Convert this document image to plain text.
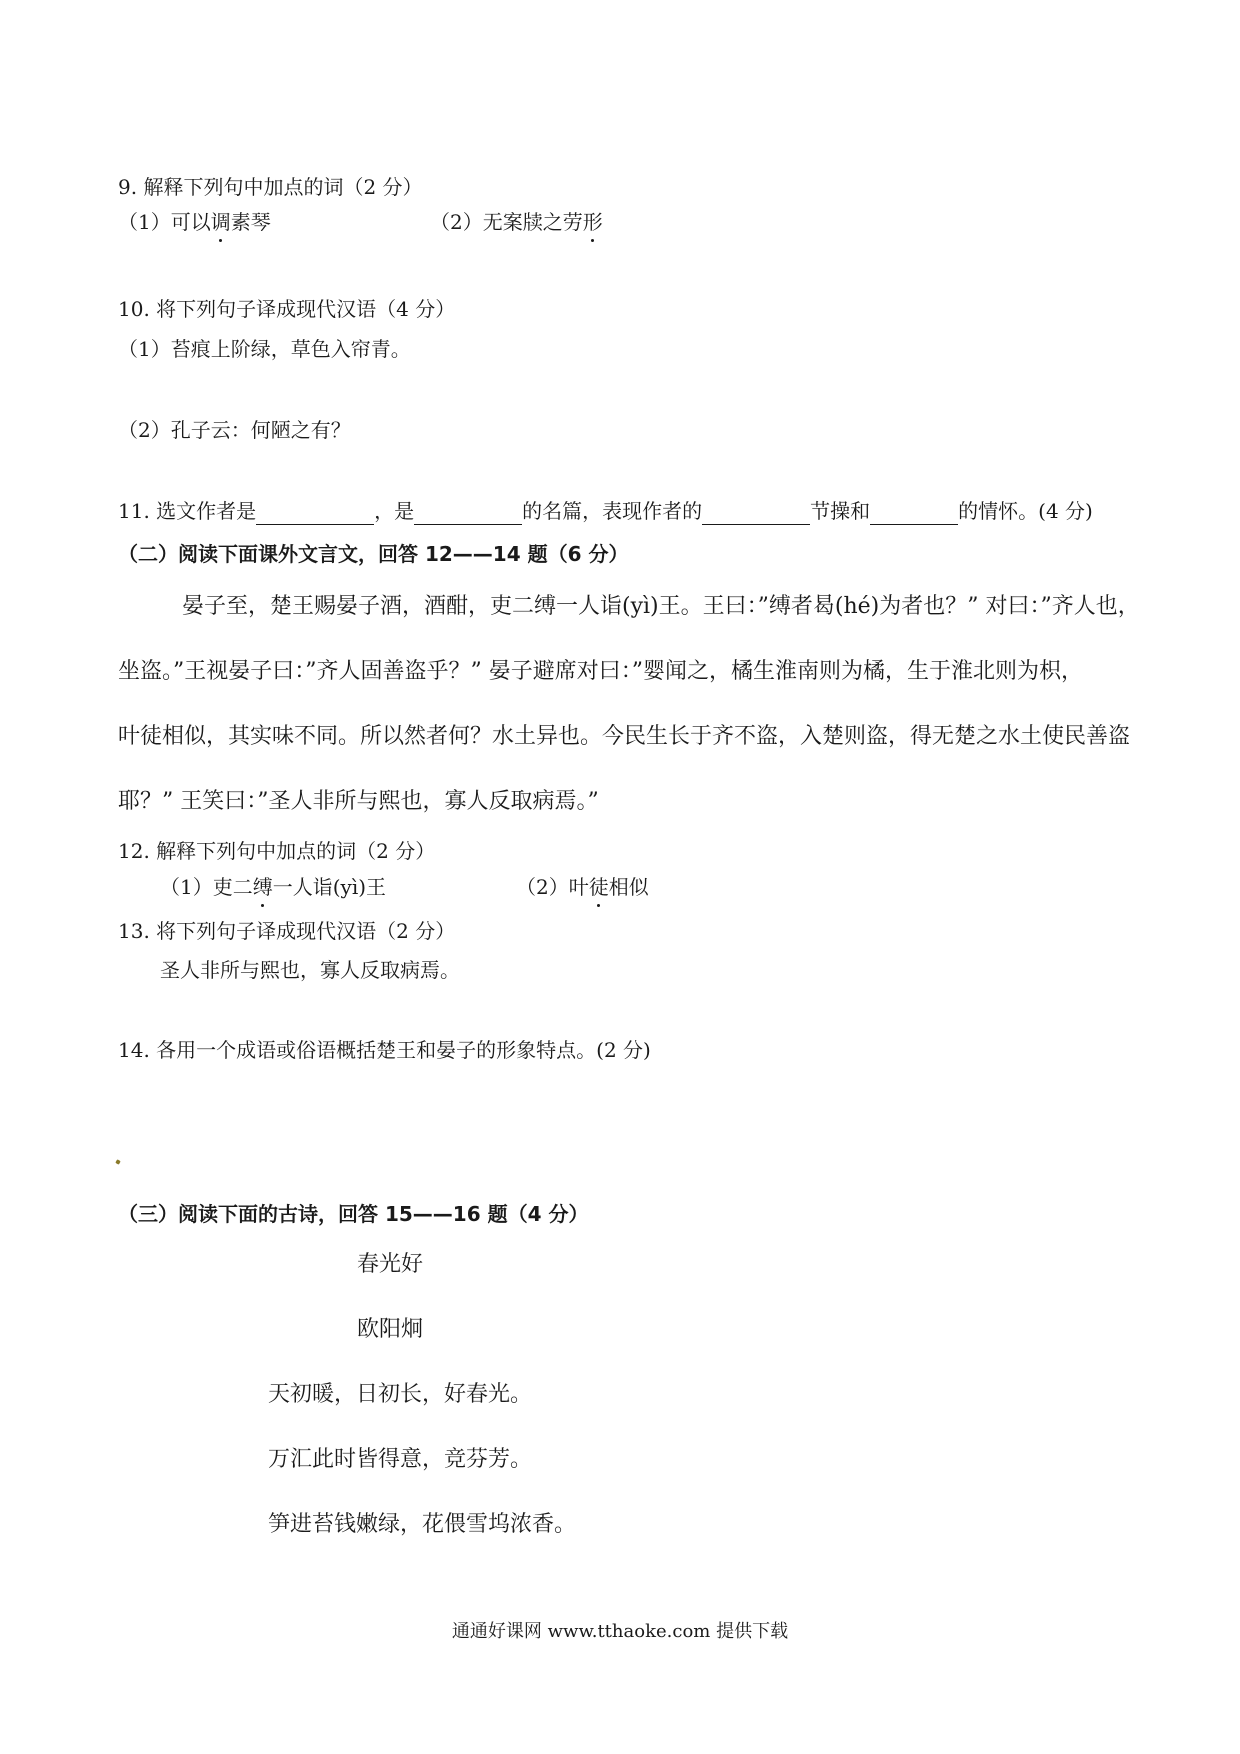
9. 解释下列句中加点的词（2 分）
（1）可以调素琴	（2）无案牍之劳形
10. 将下列句子译成现代汉语（4 分）
（1）苔痕上阶绿，草色入帘青。
（2）孔子云：何陋之有？
11. 选文作者是	，是	的名篇，表现作者的	节操和	的情怀。(4 分)
（二）阅读下面课外文言文，回答 12——14 题（6 分）
晏子至，楚王赐晏子酒，酒酣，吏二缚一人诣(yì)王。王曰：”缚者曷(hé)为者也？” 对曰：”齐人也，
坐盗。”王视晏子曰：”齐人固善盗乎？” 晏子避席对曰：”婴闻之，橘生淮南则为橘，生于淮北则为枳，
叶徒相似，其实味不同。所以然者何？水土异也。今民生长于齐不盗，入楚则盗，得无楚之水土使民善盗
耶？” 王笑曰：”圣人非所与熙也，寡人反取病焉。”
12. 解释下列句中加点的词（2 分）
（1）吏二缚一人诣(yì)王	（2）叶徒相似
13. 将下列句子译成现代汉语（2 分）
圣人非所与熙也，寡人反取病焉。
14. 各用一个成语或俗语概括楚王和晏子的形象特点。(2 分)
（三）阅读下面的古诗，回答 15——16 题（4 分）
春光好
欧阳炯
天初暖，日初长，好春光。
万汇此时皆得意，竞芬芳。
笋进苔钱嫩绿，花偎雪坞浓香。
通通好课网 www.tthaoke.com 提供下载
